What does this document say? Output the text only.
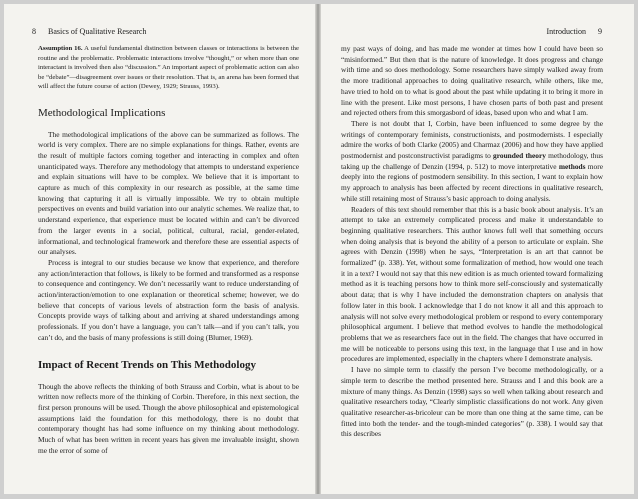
8 Basics of Qualitative Research

Assumption 16. A useful fundamental distinction between classes or interactions is between the routine and the problematic. Problematic interactions involve “thought,” or when more than one interactant is involved then also “discussion.” An important aspect of problematic action can also be “debate”—disagreement over issues or their resolution. That is, an arena has been formed that will affect the future course of action (Dewey, 1929; Strauss, 1993).

Methodological Implications

The methodological implications of the above can be summarized as follows. The world is very complex. There are no simple explanations for things. Rather, events are the result of multiple factors coming together and interacting in complex and often unanticipated ways. Therefore any methodology that attempts to understand experience and explain situations will have to be complex. We believe that it is important to capture as much of this complexity in our research as possible, at the same time knowing that capturing it all is virtually impossible. We try to obtain multiple perspectives on events and build variation into our analytic schemes. We realize that, to understand experience, that experience must be located within and can’t be divorced from the larger events in a social, political, cultural, racial, gender-related, informational, and technological framework and therefore these are essential aspects of our analyses.

Process is integral to our studies because we know that experience, and therefore any action/interaction that follows, is likely to be formed and transformed as a response to consequence and contingency. We don’t necessarily want to reduce understanding of action/interaction/emotion to one explanation or theoretical scheme; however, we do believe that concepts of various levels of abstraction form the basis of analysis. Concepts provide ways of talking about and arriving at shared understandings among professionals. If you don’t have a language, you can’t talk—and if you can’t talk, you can’t do, and the basis of many professions is still doing (Blumer, 1969).

Impact of Recent Trends on This Methodology

Though the above reflects the thinking of both Strauss and Corbin, what is about to be written now reflects more of the thinking of Corbin. Therefore, in this next section, the first person pronouns will be used. Though the above philosophical and epistemological assumptions laid the foundation for this methodology, there is no doubt that contemporary thought has had some influence on my thinking about methodology. Much of what has been written in recent years has given me invaluable insight, shown me the error of some of

Introduction 9

my past ways of doing, and has made me wonder at times how I could have been so “misinformed.” But then that is the nature of knowledge. It does progress and change with time and so does methodology. Some researchers have simply walked away from the more traditional approaches to doing qualitative research, while others, like me, have tried to hold on to what is good about the past while updating it to bring it more in line with the present. Like most persons, I have chosen parts of both past and present and rejected others from this smorgasbord of ideas, based upon who and what I am.

There is not doubt that I, Corbin, have been influenced to some degree by the writings of contemporary feminists, constructionists, and postmodernists. I especially admire the works of both Clarke (2005) and Charmaz (2006) and how they have applied postmodernist and postconstructivist paradigms to grounded theory methodology, thus taking up the challenge of Denzin (1994, p. 512) to move interpretative methods more deeply into the regions of postmodern sensibility. In this section, I want to explain how my approach to analysis has been affected by recent directions in qualitative research, while still retaining most of Strauss’s basic approach to doing analysis.

Readers of this text should remember that this is a basic book about analysis. It’s an attempt to take an extremely complicated process and make it understandable to beginning qualitative researchers. This author knows full well that something occurs when doing analysis that is beyond the ability of a person to articulate or explain. She agrees with Denzin (1998) when he says, “Interpretation is an art that cannot be formalized” (p. 338). Yet, without some formalization of method, how would one teach it in a text? I would not say that this new edition is as much oriented toward formalizing method as it is teaching persons how to think more self-consciously and systematically about data; that is why I have included the demonstration chapters on analysis that follow later in this book. I acknowledge that I do not know it all and this approach to analysis will not solve every methodological problem or respond to every contemporary philosophical argument. I believe that method evolves to handle the methodological problems that we as researchers face out in the field. The changes that have occurred in me will be noticeable to persons using this text, in the language that I use and in how procedures are implemented, especially in the chapters where I demonstrate analysis.

I have no simple term to classify the person I’ve become methodologically, or a simple term to describe the method presented here. Strauss and I and this book are a mixture of many things. As Denzin (1998) says so well when talking about research and qualitative researchers today, “Clearly simplistic classifications do not work. Any given qualitative researcher-as-bricoleur can be more than one thing at the same time, can be fitted into both the tender- and the tough-minded categories” (p. 338). I would say that this describes
